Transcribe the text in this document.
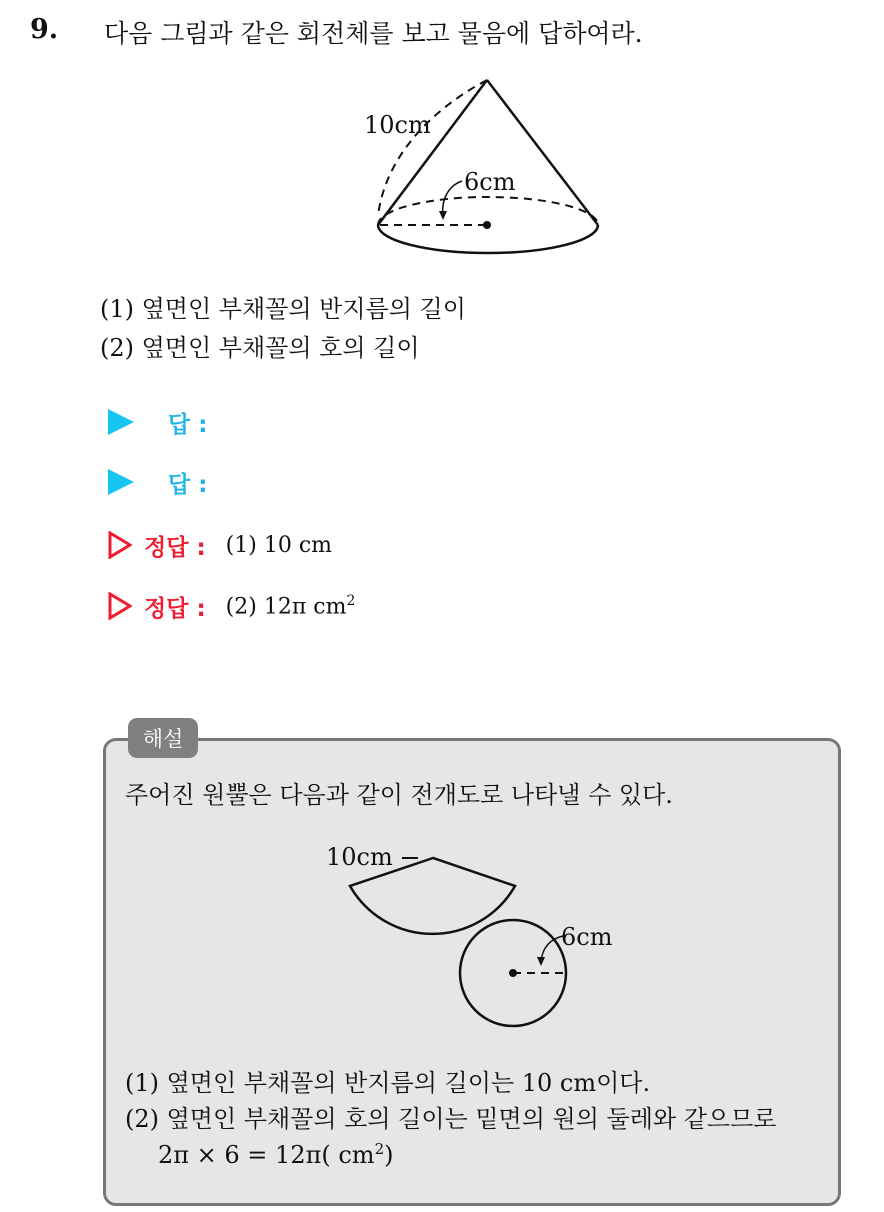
9. 다음 그림과 같은 회전체를 보고 물음에 답하여라.
10cm
6cm
(1) 옆면인 부채꼴의 반지름의 길이
(2) 옆면인 부채꼴의 호의 길이
답 :
답 :
정답 : (1) 10 cm
정답 : (2) 12π $cm^2$
해설
주어진 원뿔은 다음과 같이 전개도로 나타낼 수 있다.
10cm
6cm
(1) 옆면인 부채꼴의 반지름의 길이는 10 cm이다.
(2) 옆면인 부채꼴의 호의 길이는 밑면의 원의 둘레와 같으므로
2π × 6 = 12π( $cm^2$)
